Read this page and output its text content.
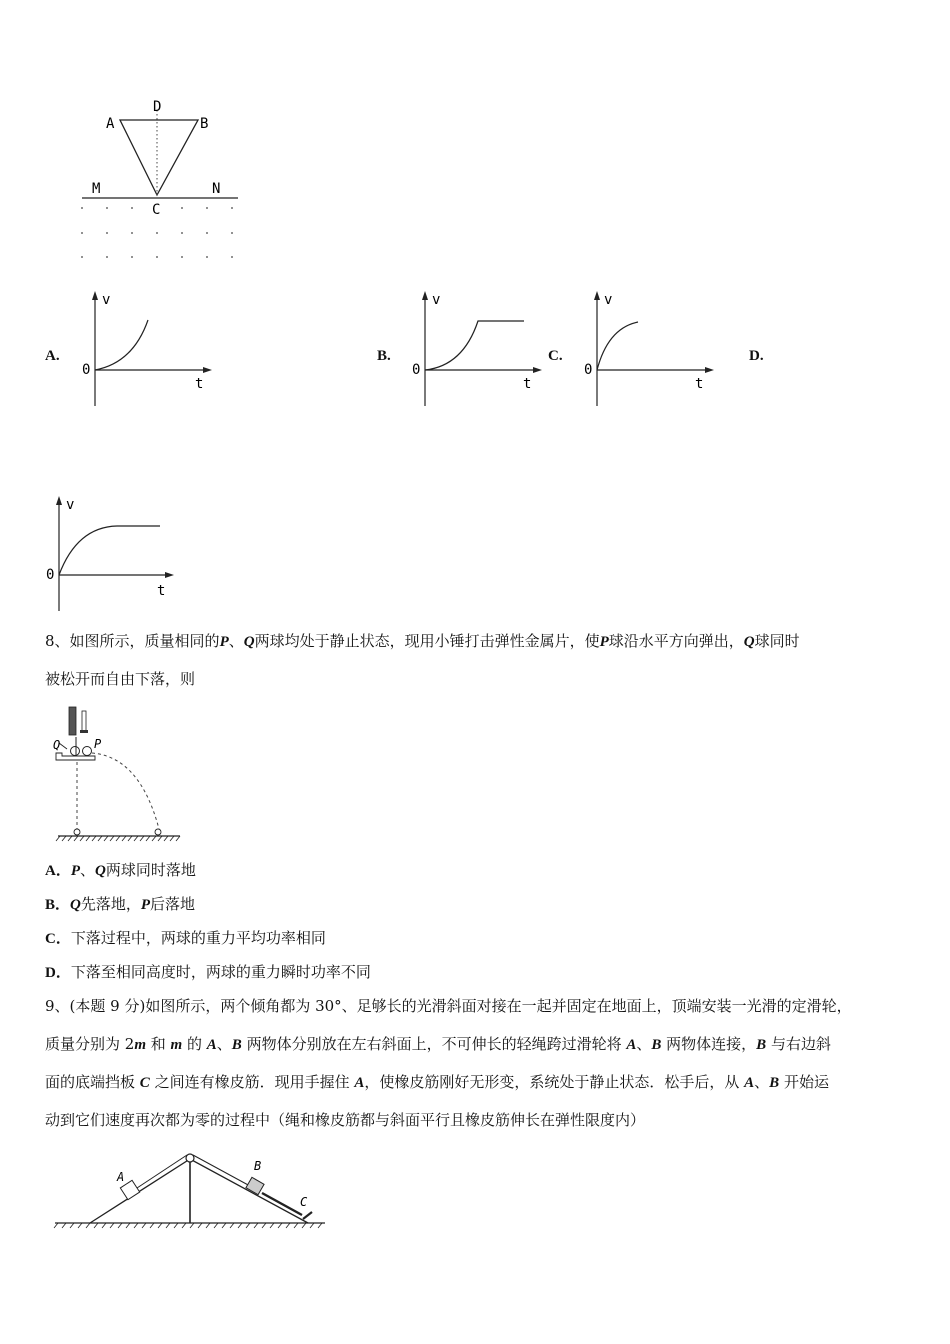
D
A	B
M	N
C
A.
v
0
t
B.
v
0
t
C.
v
0
t
D.
v
0
t
8、如图所示，质量相同的P、Q两球均处于静止状态，现用小锤打击弹性金属片，使P球沿水平方向弹出，Q球同时
被松开而自由下落，则
Q	P
A．P、Q两球同时落地
B．Q先落地，P后落地
C．下落过程中，两球的重力平均功率相同
D．下落至相同高度时，两球的重力瞬时功率不同
9、(本题 9 分)如图所示，两个倾角都为 30°、足够长的光滑斜面对接在一起并固定在地面上，顶端安装一光滑的定滑轮，
质量分别为 2m 和 m 的 A、B 两物体分别放在左右斜面上，不可伸长的轻绳跨过滑轮将 A、B 两物体连接，B 与右边斜
面的底端挡板 C 之间连有橡皮筋．现用手握住 A，使橡皮筋刚好无形变，系统处于静止状态．松手后，从 A、B 开始运
动到它们速度再次都为零的过程中（绳和橡皮筋都与斜面平行且橡皮筋伸长在弹性限度内）
A
B
C
